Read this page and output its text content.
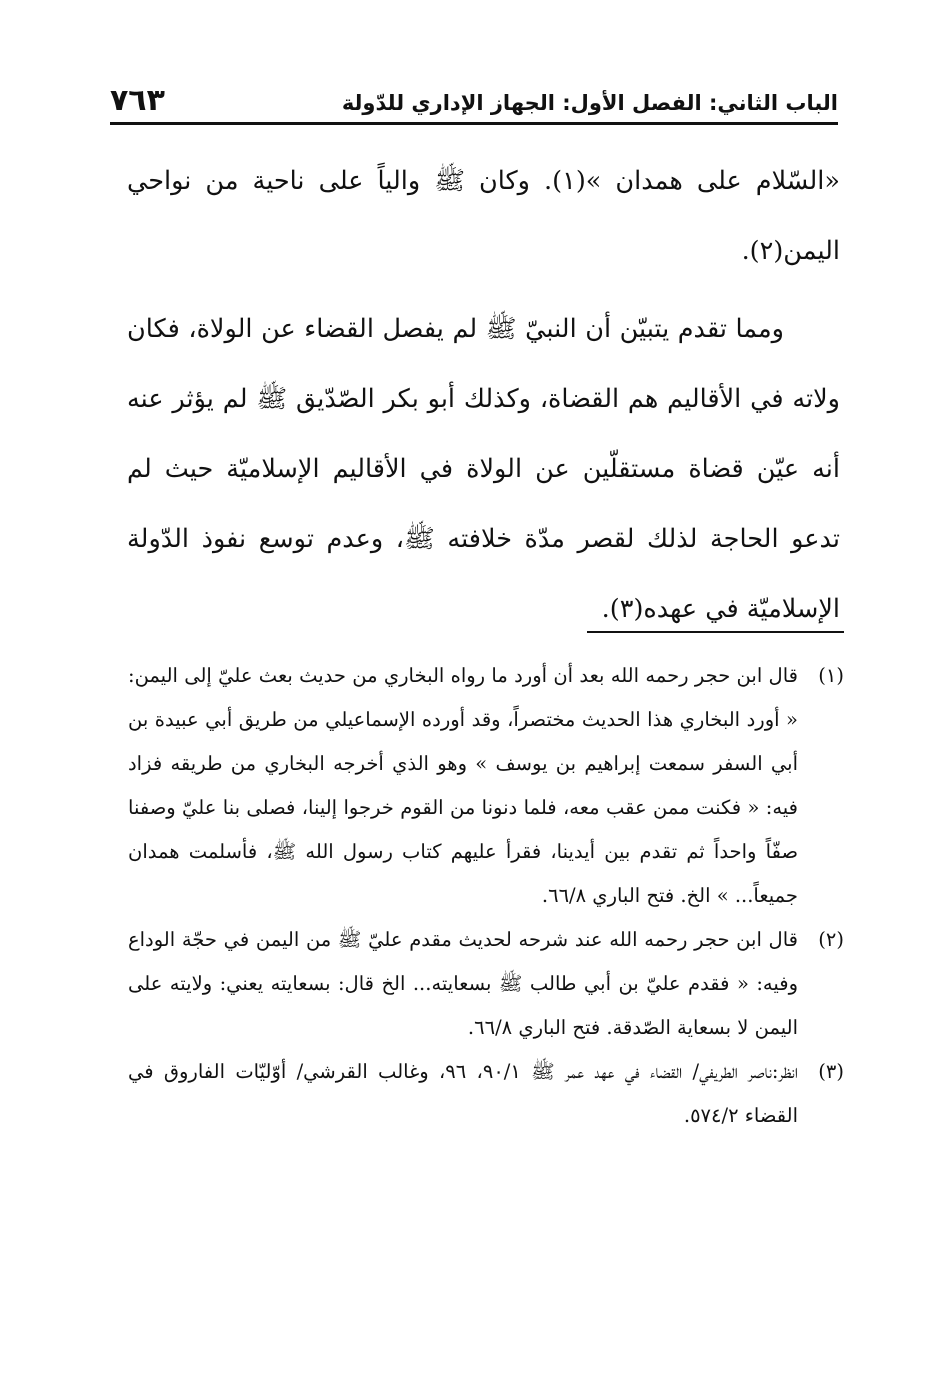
الباب الثاني: الفصل الأول: الجهاز الإداري للدّولة
٧٦٣

«السّلام على همدان »(١). وكان ﷺ والياً على ناحية من نواحي اليمن(٢).

ومما تقدم يتبيّن أن النبيّ ﷺ لم يفصل القضاء عن الولاة، فكان ولاته في الأقاليم هم القضاة، وكذلك أبو بكر الصّدّيق ﷺ لم يؤثر عنه أنه عيّن قضاة مستقلّين عن الولاة في الأقاليم الإسلاميّة حيث لم تدعو الحاجة لذلك لقصر مدّة خلافته ﷺ، وعدم توسع نفوذ الدّولة الإسلاميّة في عهده(٣).

(١)
قال ابن حجر رحمه الله بعد أن أورد ما رواه البخاري من حديث بعث عليّ إلى اليمن: « أورد البخاري هذا الحديث مختصراً، وقد أورده الإسماعيلي من طريق أبي عبيدة بن أبي السفر سمعت إبراهيم بن يوسف » وهو الذي أخرجه البخاري من طريقه فزاد فيه: « فكنت ممن عقب معه، فلما دنونا من القوم خرجوا إلينا، فصلى بنا عليّ وصفنا صفّاً واحداً ثم تقدم بين أيدينا، فقرأ عليهم كتاب رسول الله ﷺ، فأسلمت همدان جميعاً... » الخ. فتح الباري ٦٦/٨.
(٢)
قال ابن حجر رحمه الله عند شرحه لحديث مقدم عليّ ﷺ من اليمن في حجّة الوداع وفيه: « فقدم عليّ بن أبي طالب ﷺ بسعايته... الخ قال: بسعايته يعني: ولايته على اليمن لا بسعاية الصّدقة. فتح الباري ٦٦/٨.
(٣)
انظر:ناصر الطريفي/ القضاء في عهد عمر ﷺ ٩٠/١، ٩٦، وغالب القرشي/ أوّليّات الفاروق في القضاء ٥٧٤/٢.
